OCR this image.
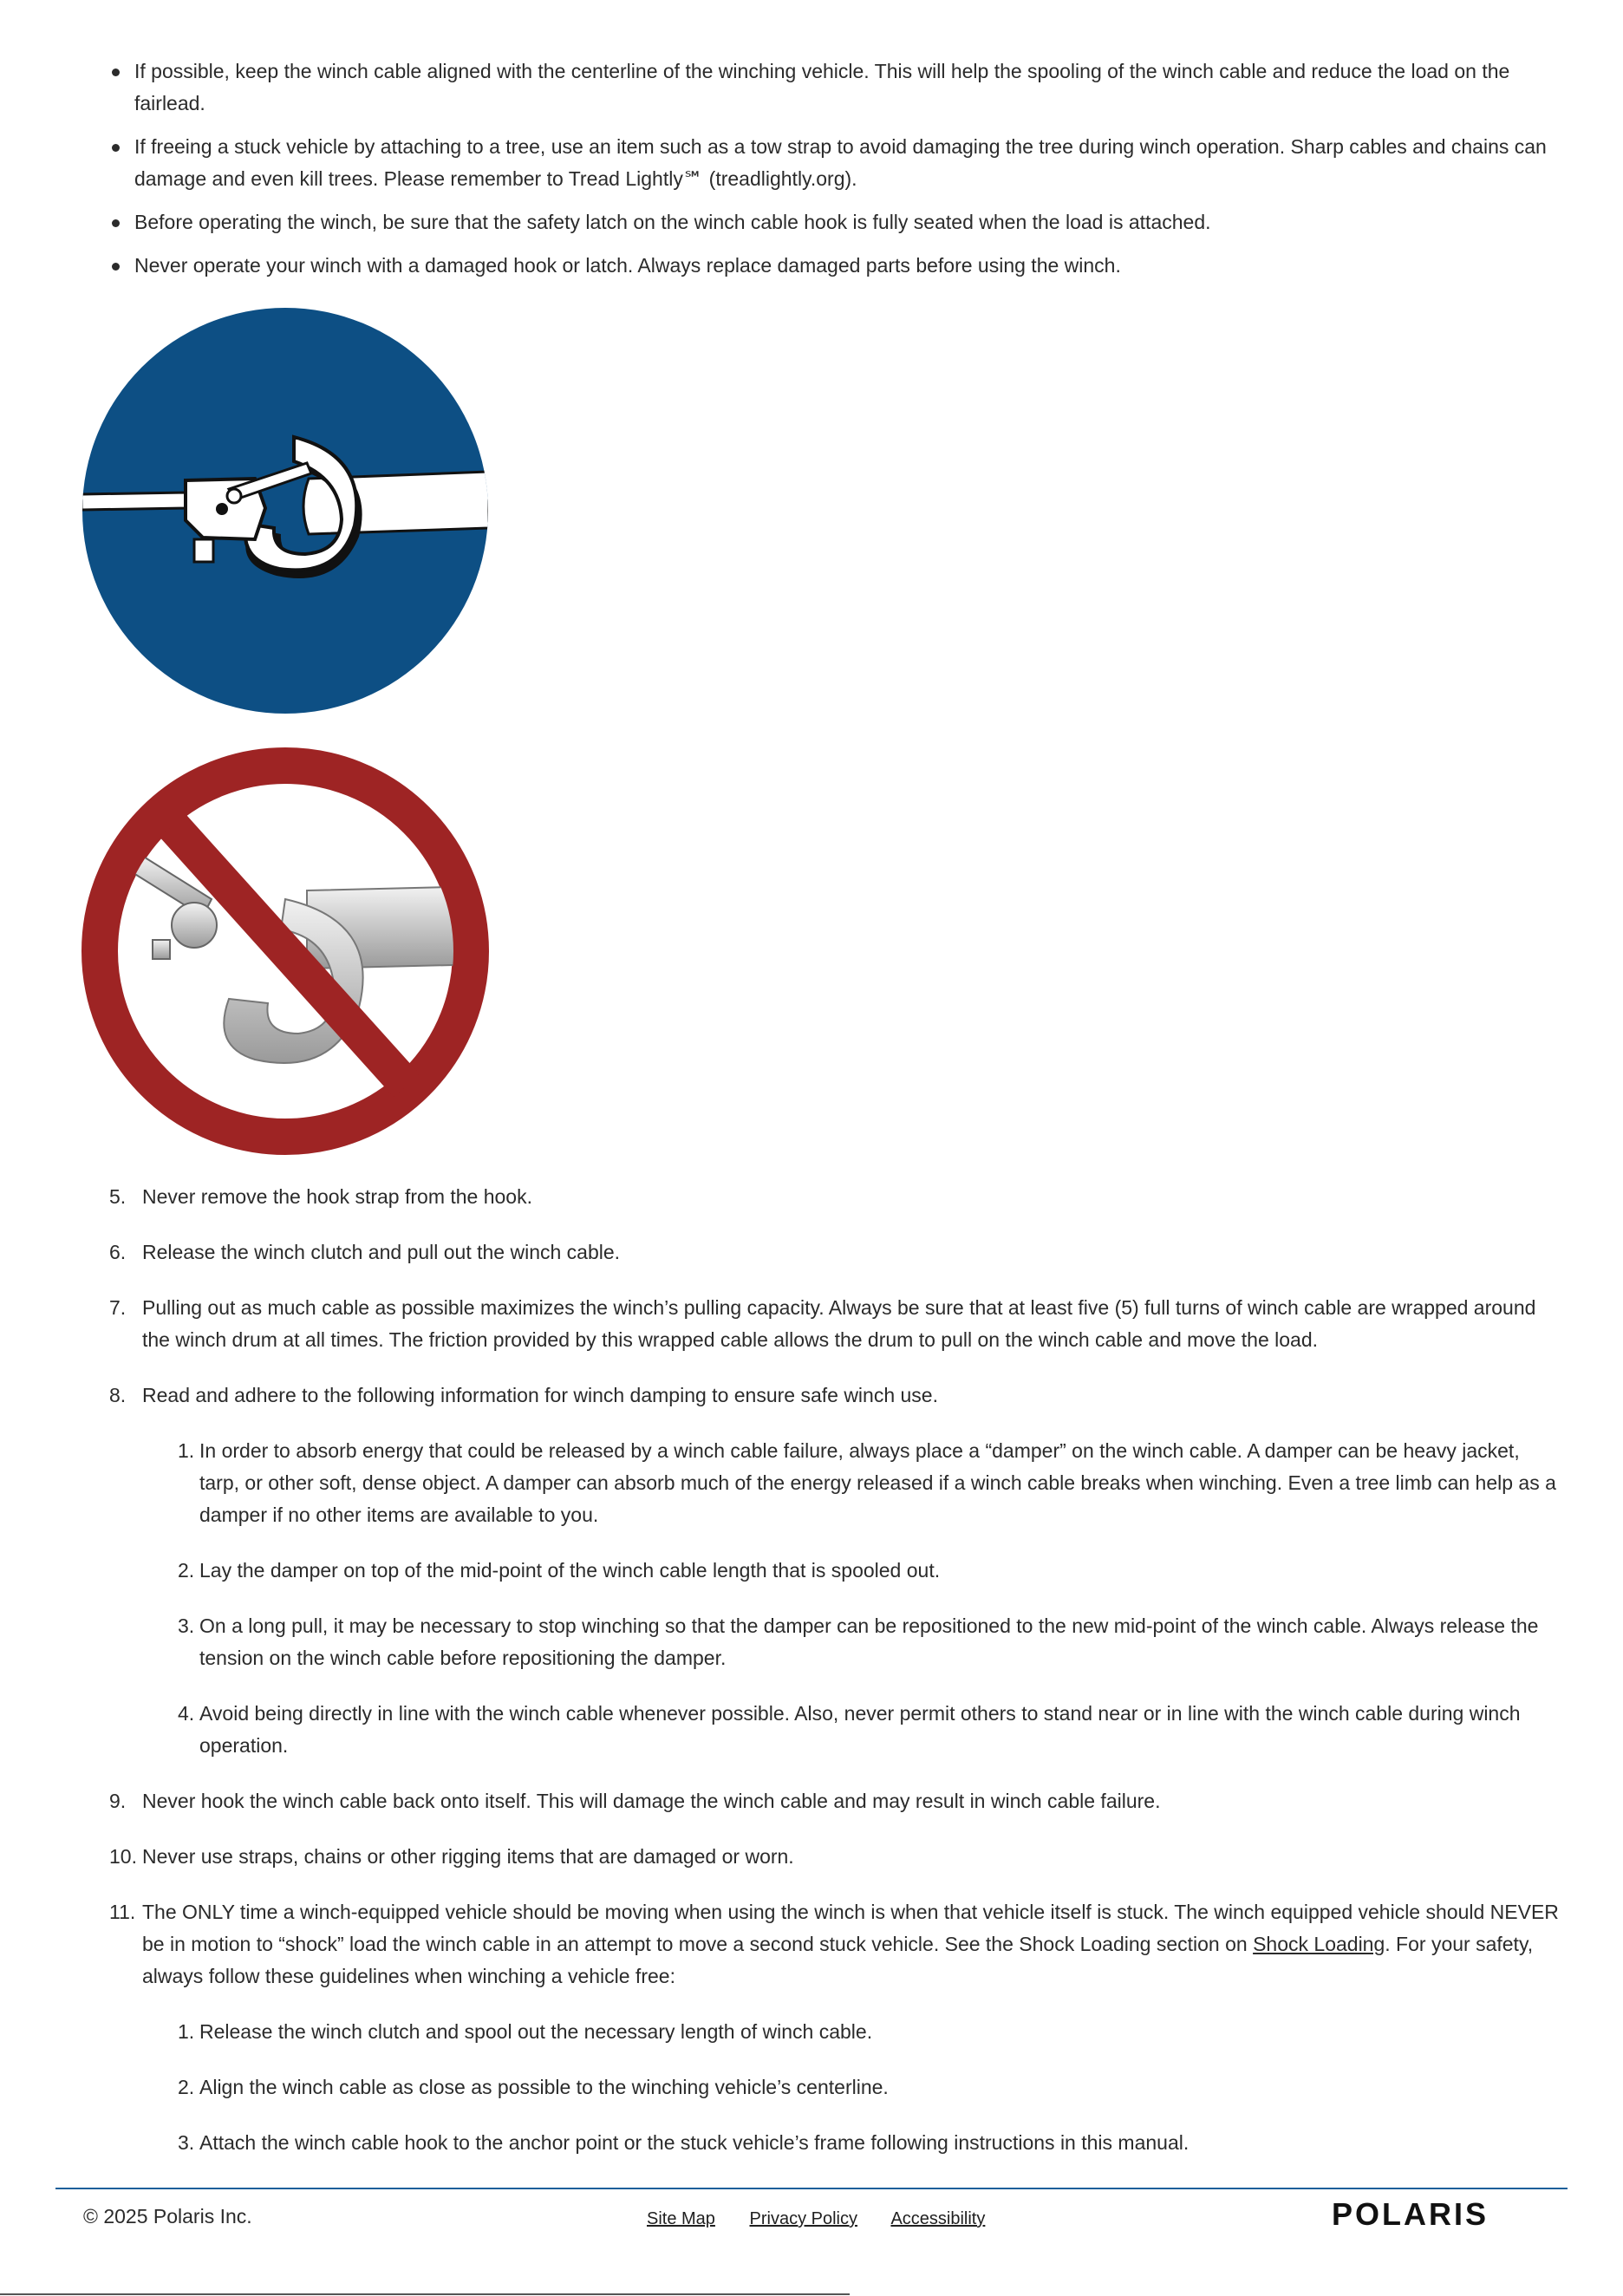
If possible, keep the winch cable aligned with the centerline of the winching vehicle. This will help the spooling of the winch cable and reduce the load on the fairlead.
If freeing a stuck vehicle by attaching to a tree, use an item such as a tow strap to avoid damaging the tree during winch operation. Sharp cables and chains can damage and even kill trees. Please remember to Tread Lightly℠ (treadlightly.org).
Before operating the winch, be sure that the safety latch on the winch cable hook is fully seated when the load is attached.
Never operate your winch with a damaged hook or latch. Always replace damaged parts before using the winch.
5. Never remove the hook strap from the hook.
6. Release the winch clutch and pull out the winch cable.
7. Pulling out as much cable as possible maximizes the winch’s pulling capacity. Always be sure that at least five (5) full turns of winch cable are wrapped around the winch drum at all times. The friction provided by this wrapped cable allows the drum to pull on the winch cable and move the load.
8. Read and adhere to the following information for winch damping to ensure safe winch use.
1. In order to absorb energy that could be released by a winch cable failure, always place a “damper” on the winch cable. A damper can be heavy jacket, tarp, or other soft, dense object. A damper can absorb much of the energy released if a winch cable breaks when winching. Even a tree limb can help as a damper if no other items are available to you.
2. Lay the damper on top of the mid-point of the winch cable length that is spooled out.
3. On a long pull, it may be necessary to stop winching so that the damper can be repositioned to the new mid-point of the winch cable. Always release the tension on the winch cable before repositioning the damper.
4. Avoid being directly in line with the winch cable whenever possible. Also, never permit others to stand near or in line with the winch cable during winch operation.
9. Never hook the winch cable back onto itself. This will damage the winch cable and may result in winch cable failure.
10. Never use straps, chains or other rigging items that are damaged or worn.
11. The ONLY time a winch-equipped vehicle should be moving when using the winch is when that vehicle itself is stuck. The winch equipped vehicle should NEVER be in motion to “shock” load the winch cable in an attempt to move a second stuck vehicle. See the Shock Loading section on Shock Loading. For your safety, always follow these guidelines when winching a vehicle free:
1. Release the winch clutch and spool out the necessary length of winch cable.
2. Align the winch cable as close as possible to the winching vehicle’s centerline.
3. Attach the winch cable hook to the anchor point or the stuck vehicle’s frame following instructions in this manual.
© 2025 Polaris Inc.	Site Map Privacy Policy Accessibility	POLARIS
